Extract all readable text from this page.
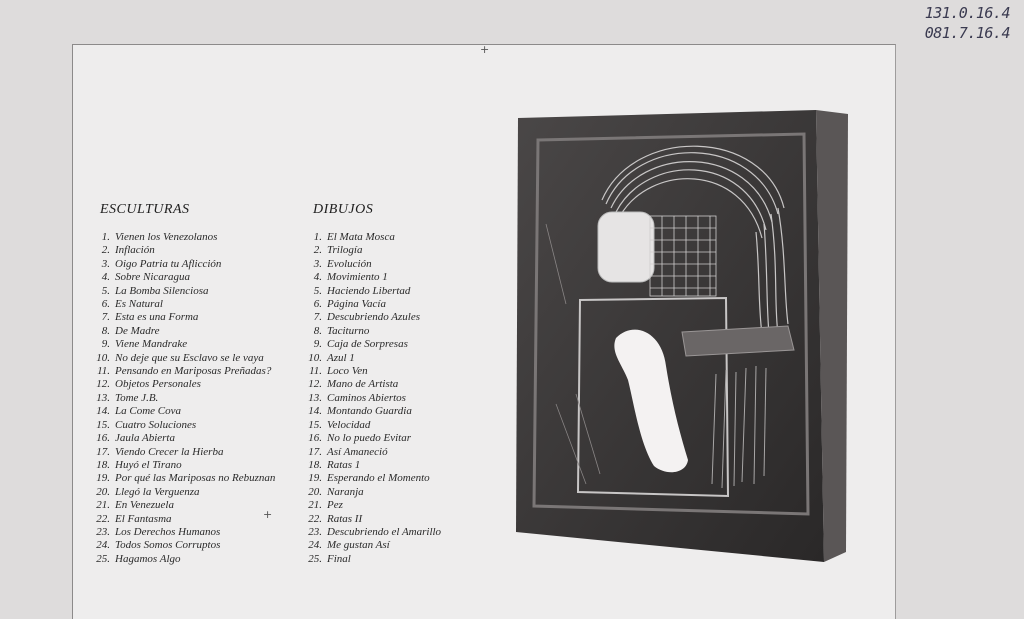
131.0.16.4
081.7.16.4
+
+
ESCULTURAS
1. Vienen los Venezolanos
2. Inflación
3. Oigo Patria tu Aflicción
4. Sobre Nicaragua
5. La Bomba Silenciosa
6. Es Natural
7. Esta es una Forma
8. De Madre
9. Viene Mandrake
10. No deje que su Esclavo se le vaya
11. Pensando en Mariposas Preñadas?
12. Objetos Personales
13. Tome J.B.
14. La Come Cova
15. Cuatro Soluciones
16. Jaula Abierta
17. Viendo Crecer la Hierba
18. Huyó el Tirano
19. Por qué las Mariposas no Rebuznan
20. Llegó la Verguenza
21. En Venezuela
22. El Fantasma
23. Los Derechos Humanos
24. Todos Somos Corruptos
25. Hagamos Algo
DIBUJOS
1. El Mata Mosca
2. Trilogía
3. Evolución
4. Movimiento 1
5. Haciendo Libertad
6. Página Vacía
7. Descubriendo Azules
8. Taciturno
9. Caja de Sorpresas
10. Azul 1
11. Loco Ven
12. Mano de Artista
13. Caminos Abiertos
14. Montando Guardia
15. Velocidad
16. No lo puedo Evitar
17. Así Amaneció
18. Ratas 1
19. Esperando el Momento
20. Naranja
21. Pez
22. Ratas II
23. Descubriendo el Amarillo
24. Me gustan Así
25. Final
